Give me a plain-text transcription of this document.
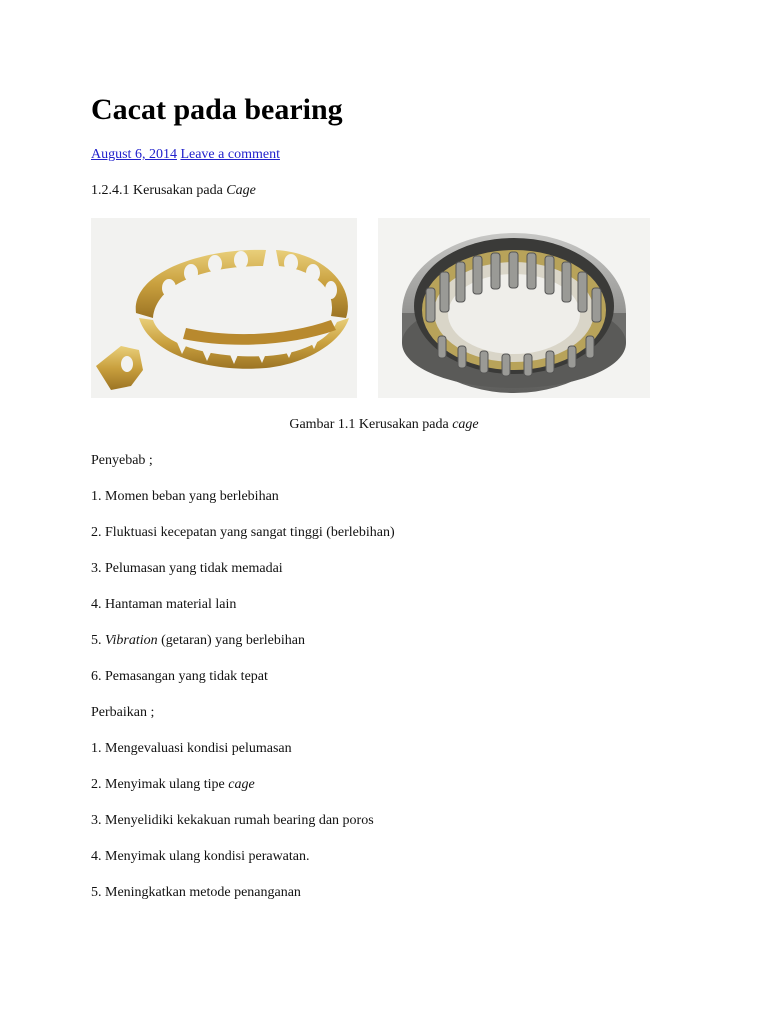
Cacat pada bearing
August 6, 2014 Leave a comment
1.2.4.1 Kerusakan pada Cage
Gambar 1.1 Kerusakan pada cage
Penyebab ;
1. Momen beban yang berlebihan
2. Fluktuasi kecepatan yang sangat tinggi (berlebihan)
3. Pelumasan yang tidak memadai
4. Hantaman material lain
5. Vibration (getaran) yang berlebihan
6. Pemasangan yang tidak tepat
Perbaikan ;
1. Mengevaluasi kondisi pelumasan
2. Menyimak ulang tipe cage
3. Menyelidiki kekakuan rumah bearing dan poros
4. Menyimak ulang kondisi perawatan.
5. Meningkatkan metode penanganan
